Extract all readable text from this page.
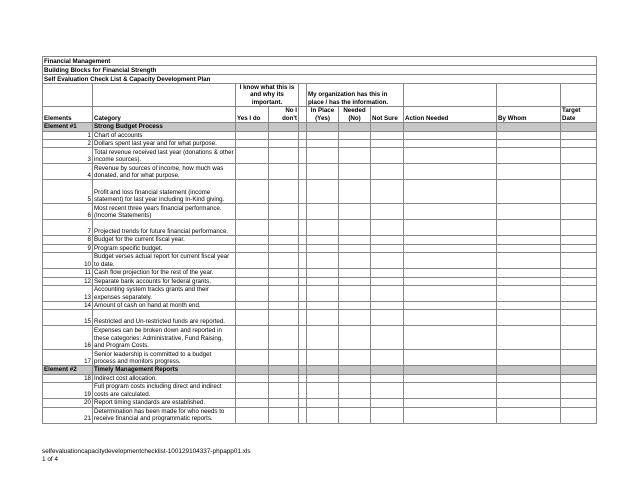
Financial Management										
Building Blocks for Financial Strength										
Self Evaluation Check List & Capacity Development Plan										
		I know what this is and why its important.			My organization has this in place / has the information.					
Elements	Category	Yes I do	No I don't		In Place (Yes)	Needed (No)	Not Sure	Action Needed	By Whom	Target Date
Element #1	Strong Budget Process									
1	Chart of accounts									
2	Dollars spent last year and for what purpose.									
3	Total revenue received last year (donations & other income sources).									
4	Revenue by sources of income, how much was donated, and for what purpose.									
5	Profit and loss financial statement (income statement) for last year including In-Kind giving.									
6	Most recent three years financial performance. (Income Statements)									
7	Projected trends for future financial performance.									
8	Budget for the current fiscal year.									
9	Program specific budget.									
10	Budget verses actual report for current fiscal year to date.									
11	Cash flow projection for the rest of the year.									
12	Separate bank accounts for federal grants.									
13	Accounting system tracks grants and their expenses separately.									
14	Amount of cash on hand at month end.									
15	Restricted and Un-restricted funds are reported.									
16	Expenses can be broken down and reported in these categories: Administrative, Fund Raising, and Program Costs.									
17	Senior leadership is committed to a budget process and monitors progress.									
Element #2	Timely Management Reports									
18	Indirect cost allocation.									
19	Full program costs including direct and indirect costs are calculated.									
20	Report timing standards are established.									
21	Determination has been made for who needs to receive financial and programmatic reports.									
selfevaluationcapacitydevelopmentchecklist-100129104337-phpapp01.xls
1 of 4
